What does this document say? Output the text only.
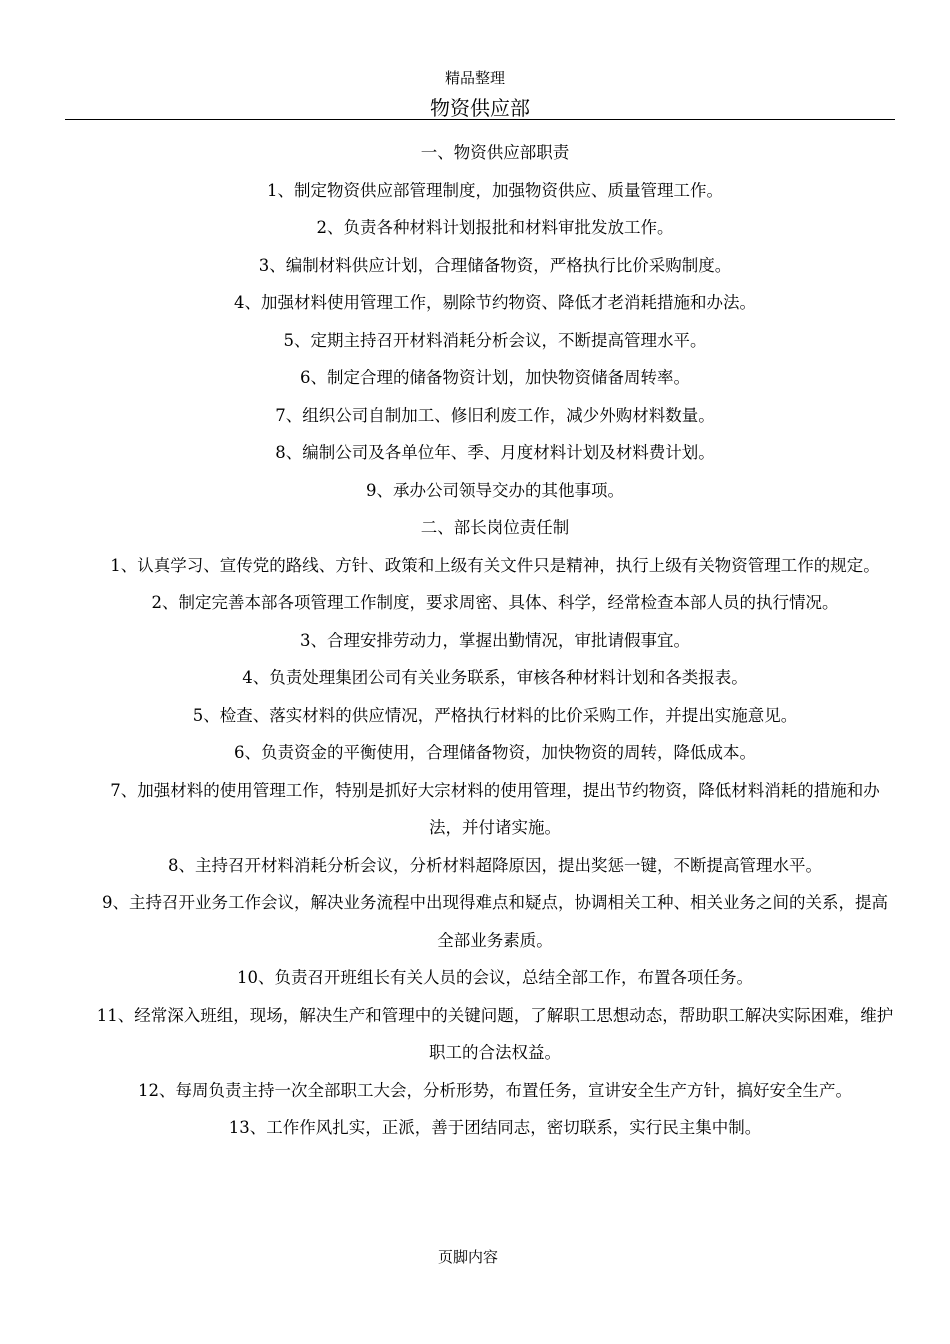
精品整理
物资供应部
一、物资供应部职责
1、制定物资供应部管理制度，加强物资供应、质量管理工作。
2、负责各种材料计划报批和材料审批发放工作。
3、编制材料供应计划，合理储备物资，严格执行比价采购制度。
4、加强材料使用管理工作，剔除节约物资、降低才老消耗措施和办法。
5、定期主持召开材料消耗分析会议，不断提高管理水平。
6、制定合理的储备物资计划，加快物资储备周转率。
7、组织公司自制加工、修旧利废工作，减少外购材料数量。
8、编制公司及各单位年、季、月度材料计划及材料费计划。
9、承办公司领导交办的其他事项。
二、部长岗位责任制
1、认真学习、宣传党的路线、方针、政策和上级有关文件只是精神，执行上级有关物资管理工作的规定。
2、制定完善本部各项管理工作制度，要求周密、具体、科学，经常检查本部人员的执行情况。
3、合理安排劳动力，掌握出勤情况，审批请假事宜。
4、负责处理集团公司有关业务联系，审核各种材料计划和各类报表。
5、检查、落实材料的供应情况，严格执行材料的比价采购工作，并提出实施意见。
6、负责资金的平衡使用，合理储备物资，加快物资的周转，降低成本。
7、加强材料的使用管理工作，特别是抓好大宗材料的使用管理，提出节约物资，降低材料消耗的措施和办法，并付诸实施。
8、主持召开材料消耗分析会议，分析材料超降原因，提出奖惩一键，不断提高管理水平。
9、主持召开业务工作会议，解决业务流程中出现得难点和疑点，协调相关工种、相关业务之间的关系，提高全部业务素质。
10、负责召开班组长有关人员的会议，总结全部工作，布置各项任务。
11、经常深入班组，现场，解决生产和管理中的关键问题，了解职工思想动态，帮助职工解决实际困难，维护职工的合法权益。
12、每周负责主持一次全部职工大会，分析形势，布置任务，宣讲安全生产方针，搞好安全生产。
13、工作作风扎实，正派，善于团结同志，密切联系，实行民主集中制。
页脚内容
